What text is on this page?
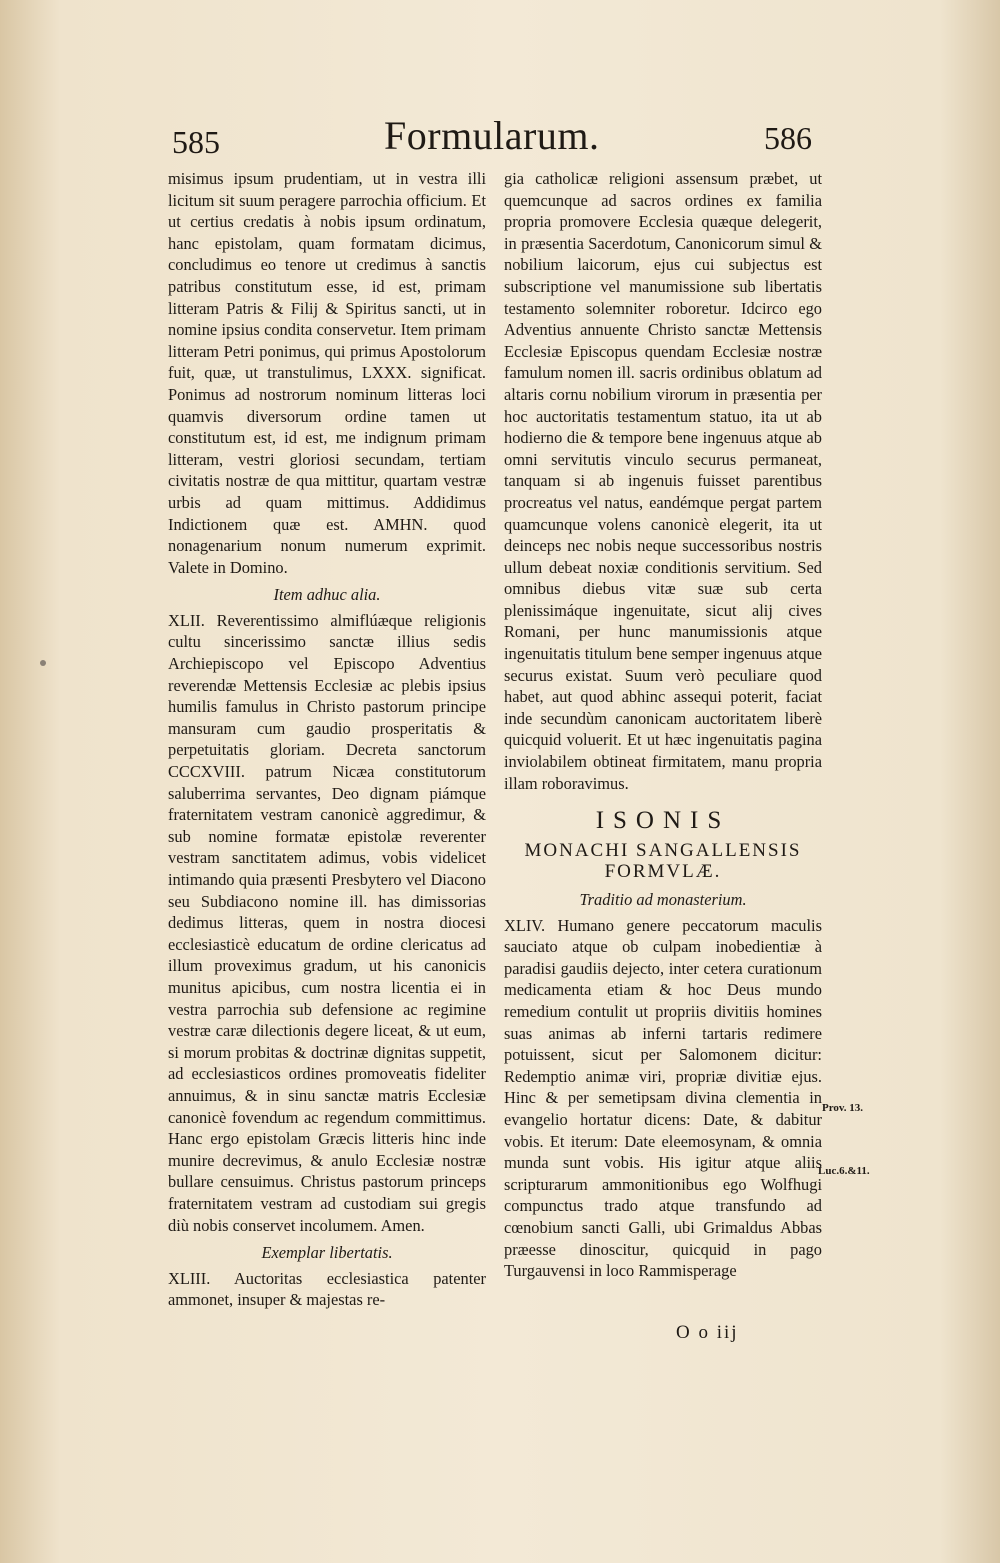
585	Formularum.	586

misimus ipsum prudentiam, ut in vestra illi licitum sit suum peragere parrochia officium. Et ut certius credatis à nobis ipsum ordinatum, hanc epistolam, quam formatam dicimus, concludimus eo tenore ut credimus à sanctis patribus constitutum esse, id est, primam litteram Patris & Filij & Spiritus sancti, ut in nomine ipsius condita conservetur. Item primam litteram Petri ponimus, qui primus Apostolorum fuit, quæ, ut transtulimus, LXXX. significat. Ponimus ad nostrorum nominum litteras loci quamvis diversorum ordine tamen ut constitutum est, id est, me indignum primam litteram, vestri gloriosi secundam, tertiam civitatis nostræ de qua mittitur, quartam vestræ urbis ad quam mittimus. Addidimus Indictionem quæ est. AMHN. quod nonagenarium nonum numerum exprimit. Valete in Domino.

Item adhuc alia.

XLII. Reverentissimo almiflúæque religionis cultu sincerissimo sanctæ illius sedis Archiepiscopo vel Episcopo Adventius reverendæ Mettensis Ecclesiæ ac plebis ipsius humilis famulus in Christo pastorum principe mansuram cum gaudio prosperitatis & perpetuitatis gloriam. Decreta sanctorum CCCXVIII. patrum Nicæa constitutorum saluberrima servantes, Deo dignam piámque fraternitatem vestram canonicè aggredimur, & sub nomine formatæ epistolæ reverenter vestram sanctitatem adimus, vobis videlicet intimando quia præsenti Presbytero vel Diacono seu Subdiacono nomine ill. has dimissorias dedimus litteras, quem in nostra diocesi ecclesiasticè educatum de ordine clericatus ad illum proveximus gradum, ut his canonicis munitus apicibus, cum nostra licentia ei in vestra parrochia sub defensione ac regimine vestræ caræ dilectionis degere liceat, & ut eum, si morum probitas & doctrinæ dignitas suppetit, ad ecclesiasticos ordines promoveatis fideliter annuimus, & in sinu sanctæ matris Ecclesiæ canonicè fovendum ac regendum committimus. Hanc ergo epistolam Græcis litteris hinc inde munire decrevimus, & anulo Ecclesiæ nostræ bullare censuimus. Christus pastorum princeps fraternitatem vestram ad custodiam sui gregis diù nobis conservet incolumem. Amen.

Exemplar libertatis.

XLIII. Auctoritas ecclesiastica patenter ammonet, insuper & majestas re-

gia catholicæ religioni assensum præbet, ut quemcunque ad sacros ordines ex familia propria promovere Ecclesia quæque delegerit, in præsentia Sacerdotum, Canonicorum simul & nobilium laicorum, ejus cui subjectus est subscriptione vel manumissione sub libertatis testamento solemniter roboretur. Idcirco ego Adventius annuente Christo sanctæ Mettensis Ecclesiæ Episcopus quendam Ecclesiæ nostræ famulum nomen ill. sacris ordinibus oblatum ad altaris cornu nobilium virorum in præsentia per hoc auctoritatis testamentum statuo, ita ut ab hodierno die & tempore bene ingenuus atque ab omni servitutis vinculo securus permaneat, tanquam si ab ingenuis fuisset parentibus procreatus vel natus, eandémque pergat partem quamcunque volens canonicè elegerit, ita ut deinceps nec nobis neque successoribus nostris ullum debeat noxiæ conditionis servitium. Sed omnibus diebus vitæ suæ sub certa plenissimáque ingenuitate, sicut alij cives Romani, per hunc manumissionis atque ingenuitatis titulum bene semper ingenuus atque securus existat. Suum verò peculiare quod habet, aut quod abhinc assequi poterit, faciat inde secundùm canonicam auctoritatem liberè quicquid voluerit. Et ut hæc ingenuitatis pagina inviolabilem obtineat firmitatem, manu propria illam roboravimus.

ISONIS

MONACHI SANGALLENSIS

FORMVLÆ.

Traditio ad monasterium.

XLIV. Humano genere peccatorum maculis sauciato atque ob culpam inobedientiæ à paradisi gaudiis dejecto, inter cetera curationum medicamenta etiam & hoc Deus mundo remedium contulit ut propriis divitiis homines suas animas ab inferni tartaris redimere potuissent, sicut per Salomonem dicitur: Redemptio animæ viri, propriæ divitiæ ejus. Hinc & per semetipsam divina clementia in evangelio hortatur dicens: Date, & dabitur vobis. Et iterum: Date eleemosynam, & omnia munda sunt vobis. His igitur atque aliis scripturarum ammonitionibus ego Wolfhugi compunctus trado atque transfundo ad cœnobium sancti Galli, ubi Grimaldus Abbas præesse dinoscitur, quicquid in pago Turgauvensi in loco Rammisperage

Prov. 13.
Luc.6.&11.
O o iij
